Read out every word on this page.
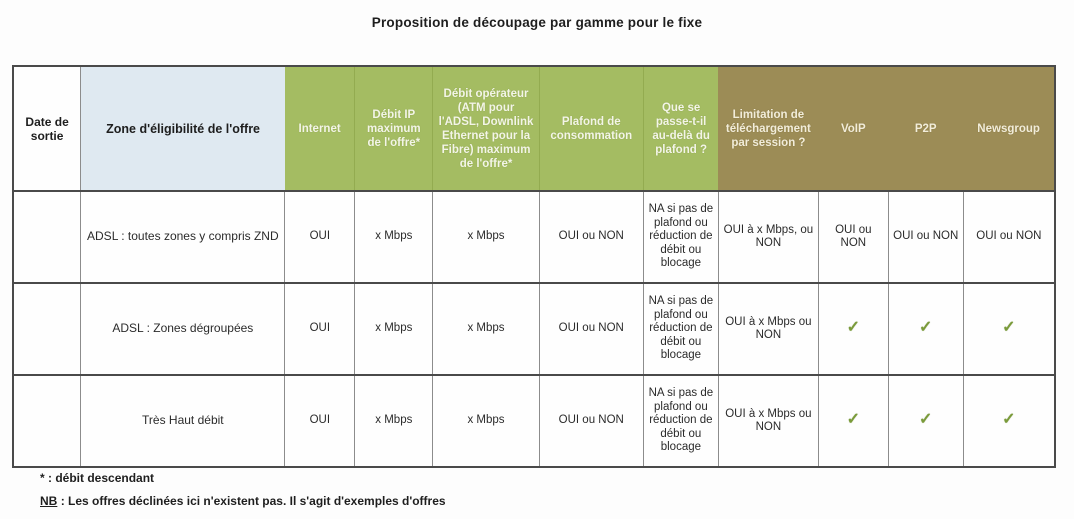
Proposition de découpage par gamme pour le fixe
Date de sortie	Zone d'éligibilité de l'offre	Internet	Débit IP maximum de l'offre*	Débit opérateur (ATM pour l'ADSL, Downlink Ethernet pour la Fibre) maximum de l'offre*	Plafond de consommation	Que se passe-t-il au-delà du plafond ?	Limitation de téléchargement par session ?	VoIP	P2P	Newsgroup
	ADSL : toutes zones y compris ZND	OUI	x Mbps	x Mbps	OUI ou NON	NA si pas de plafond ou réduction de débit ou blocage	OUI à x Mbps, ou NON	OUI ou NON	OUI ou NON	OUI ou NON
	ADSL : Zones dégroupées	OUI	x Mbps	x Mbps	OUI ou NON	NA si pas de plafond ou réduction de débit ou blocage	OUI à x Mbps ou NON	✓	✓	✓
	Très Haut débit	OUI	x Mbps	x Mbps	OUI ou NON	NA si pas de plafond ou réduction de débit ou blocage	OUI à x Mbps ou NON	✓	✓	✓
* : débit descendant
NB : Les offres déclinées ici n'existent pas. Il s'agit d'exemples d'offres
